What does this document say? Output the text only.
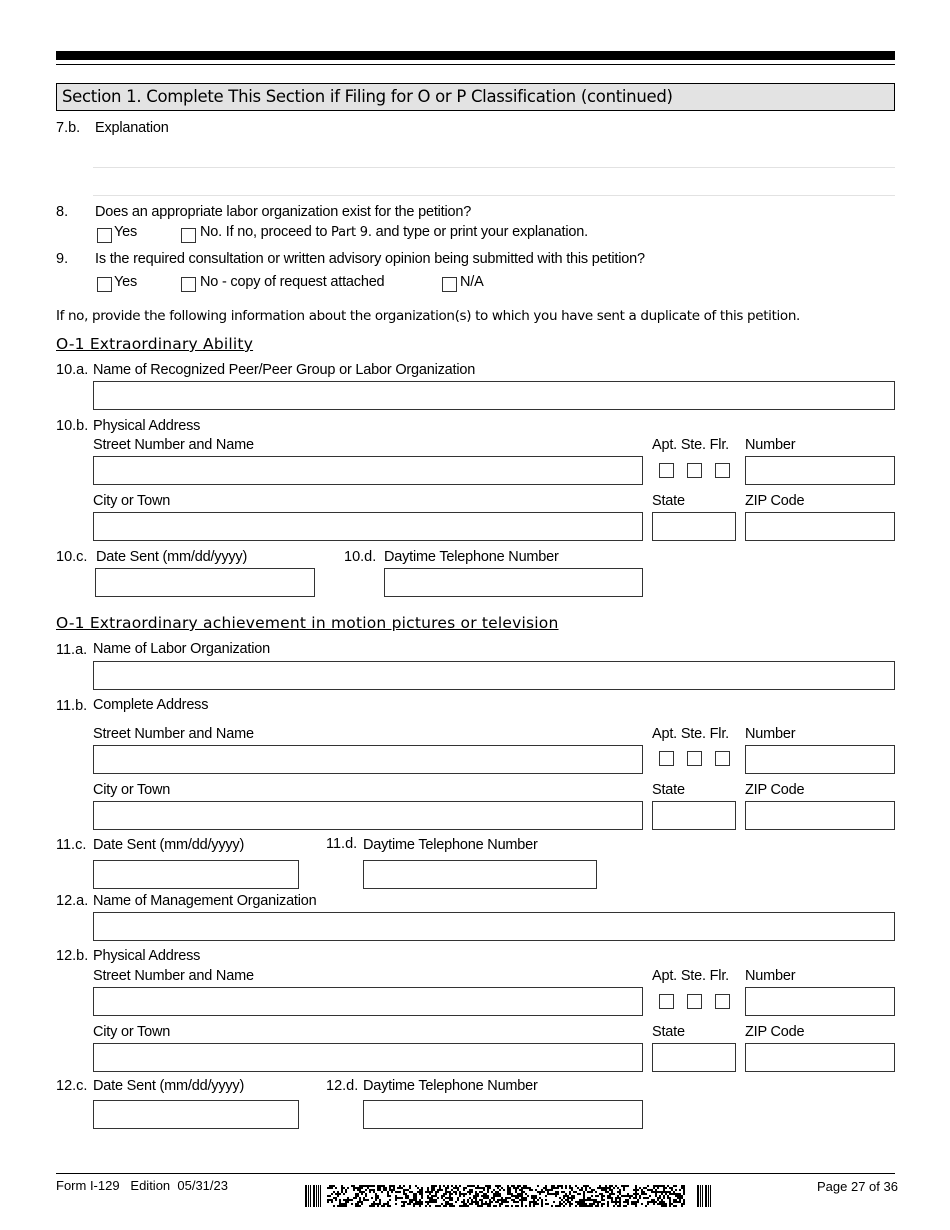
Section 1. Complete This Section if Filing for O or P Classification (continued)
7.b. Explanation
8. Does an appropriate labor organization exist for the petition?
Yes	No. If no, proceed to Part 9. and type or print your explanation.
9. Is the required consultation or written advisory opinion being submitted with this petition?
Yes	No - copy of request attached	N/A
If no, provide the following information about the organization(s) to which you have sent a duplicate of this petition.
O-1 Extraordinary Ability
10.a. Name of Recognized Peer/Peer Group or Labor Organization
10.b. Physical Address
Street Number and Name	Apt. Ste. Flr. Number
City or Town	State	ZIP Code
10.c. Date Sent (mm/dd/yyyy)	10.d. Daytime Telephone Number
O-1 Extraordinary achievement in motion pictures or television
11.a. Name of Labor Organization
11.b. Complete Address
Street Number and Name	Apt. Ste. Flr. Number
City or Town	State	ZIP Code
11.c. Date Sent (mm/dd/yyyy)	11.d. Daytime Telephone Number
12.a. Name of Management Organization
12.b. Physical Address
Street Number and Name	Apt. Ste. Flr. Number
City or Town	State	ZIP Code
12.c. Date Sent (mm/dd/yyyy)	12.d. Daytime Telephone Number
Form I-129   Edition  05/31/23	Page 27 of 36
